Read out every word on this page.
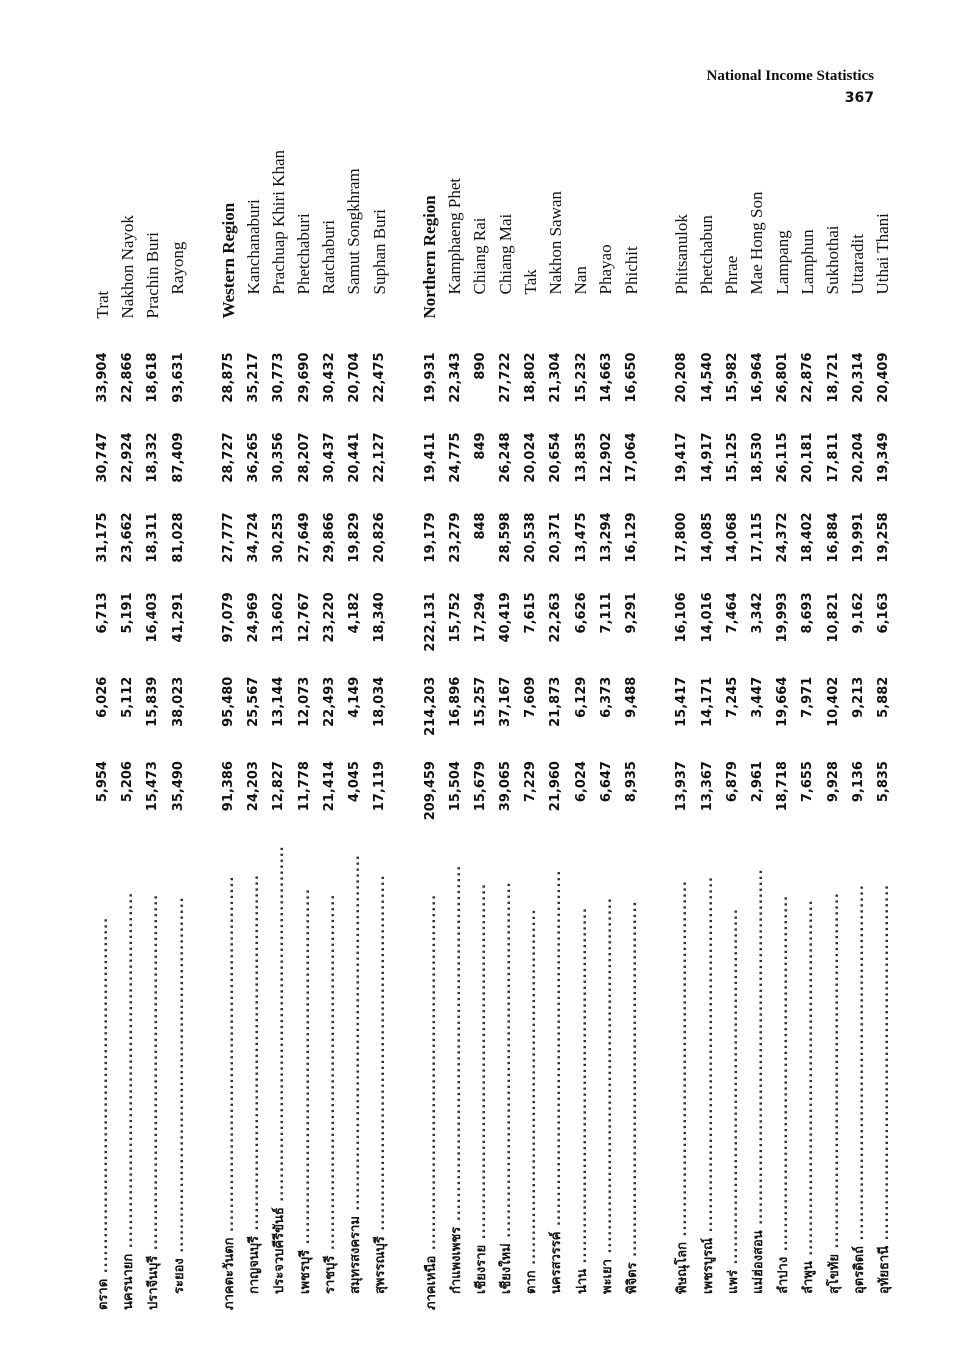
National Income Statistics
367
ตราด ............................................................	5,954	6,026	6,713	31,175	30,747	33,904	Trat
นครนายก ............................................................	5,206	5,112	5,191	23,662	22,924	22,866	Nakhon Nayok
ปราจีนบุรี ............................................................	15,473	15,839	16,403	18,311	18,332	18,618	Prachin Buri
ระยอง ............................................................	35,490	38,023	41,291	81,028	87,409	93,631	Rayong

ภาคตะวันตก ............................................................	91,386	95,480	97,079	27,777	28,727	28,875	Western Region
กาญจนบุรี ............................................................	24,203	25,567	24,969	34,724	36,265	35,217	Kanchanaburi
ประจวบคีรีขันธ์ ............................................................	12,827	13,144	13,602	30,253	30,356	30,773	Prachuap Khiri Khan
เพชรบุรี ............................................................	11,778	12,073	12,767	27,649	28,207	29,690	Phetchaburi
ราชบุรี ............................................................	21,414	22,493	23,220	29,866	30,437	30,432	Ratchaburi
สมุทรสงคราม ............................................................	4,045	4,149	4,182	19,829	20,441	20,704	Samut Songkhram
สุพรรณบุรี ............................................................	17,119	18,034	18,340	20,826	22,127	22,475	Suphan Buri

ภาคเหนือ ............................................................	209,459	214,203	222,131	19,179	19,411	19,931	Northern Region
กำแพงเพชร ............................................................	15,504	16,896	15,752	23,279	24,775	22,343	Kamphaeng Phet
เชียงราย ............................................................	15,679	15,257	17,294	848	849	890	Chiang Rai
เชียงใหม่ ............................................................	39,065	37,167	40,419	28,598	26,248	27,722	Chiang Mai
ตาก ............................................................	7,229	7,609	7,615	20,538	20,024	18,802	Tak
นครสวรรค์ ............................................................	21,960	21,873	22,263	20,371	20,654	21,304	Nakhon Sawan
น่าน ............................................................	6,024	6,129	6,626	13,475	13,835	15,232	Nan
พะเยา ............................................................	6,647	6,373	7,111	13,294	12,902	14,663	Phayao
พิจิตร ............................................................	8,935	9,488	9,291	16,129	17,064	16,650	Phichit

พิษณุโลก ............................................................	13,937	15,417	16,106	17,800	19,417	20,208	Phitsanulok
เพชรบูรณ์ ............................................................	13,367	14,171	14,016	14,085	14,917	14,540	Phetchabun
แพร่ ............................................................	6,879	7,245	7,464	14,068	15,125	15,982	Phrae
แม่ฮ่องสอน ............................................................	2,961	3,447	3,342	17,115	18,530	16,964	Mae Hong Son
ลำปาง ............................................................	18,718	19,664	19,993	24,372	26,115	26,801	Lampang
ลำพูน ............................................................	7,655	7,971	8,693	18,402	20,181	22,876	Lamphun
สุโขทัย ............................................................	9,928	10,402	10,821	16,884	17,811	18,721	Sukhothai
อุตรดิตถ์ ............................................................	9,136	9,213	9,162	19,991	20,204	20,314	Uttaradit
อุทัยธานี ............................................................	5,835	5,882	6,163	19,258	19,349	20,409	Uthai Thani
